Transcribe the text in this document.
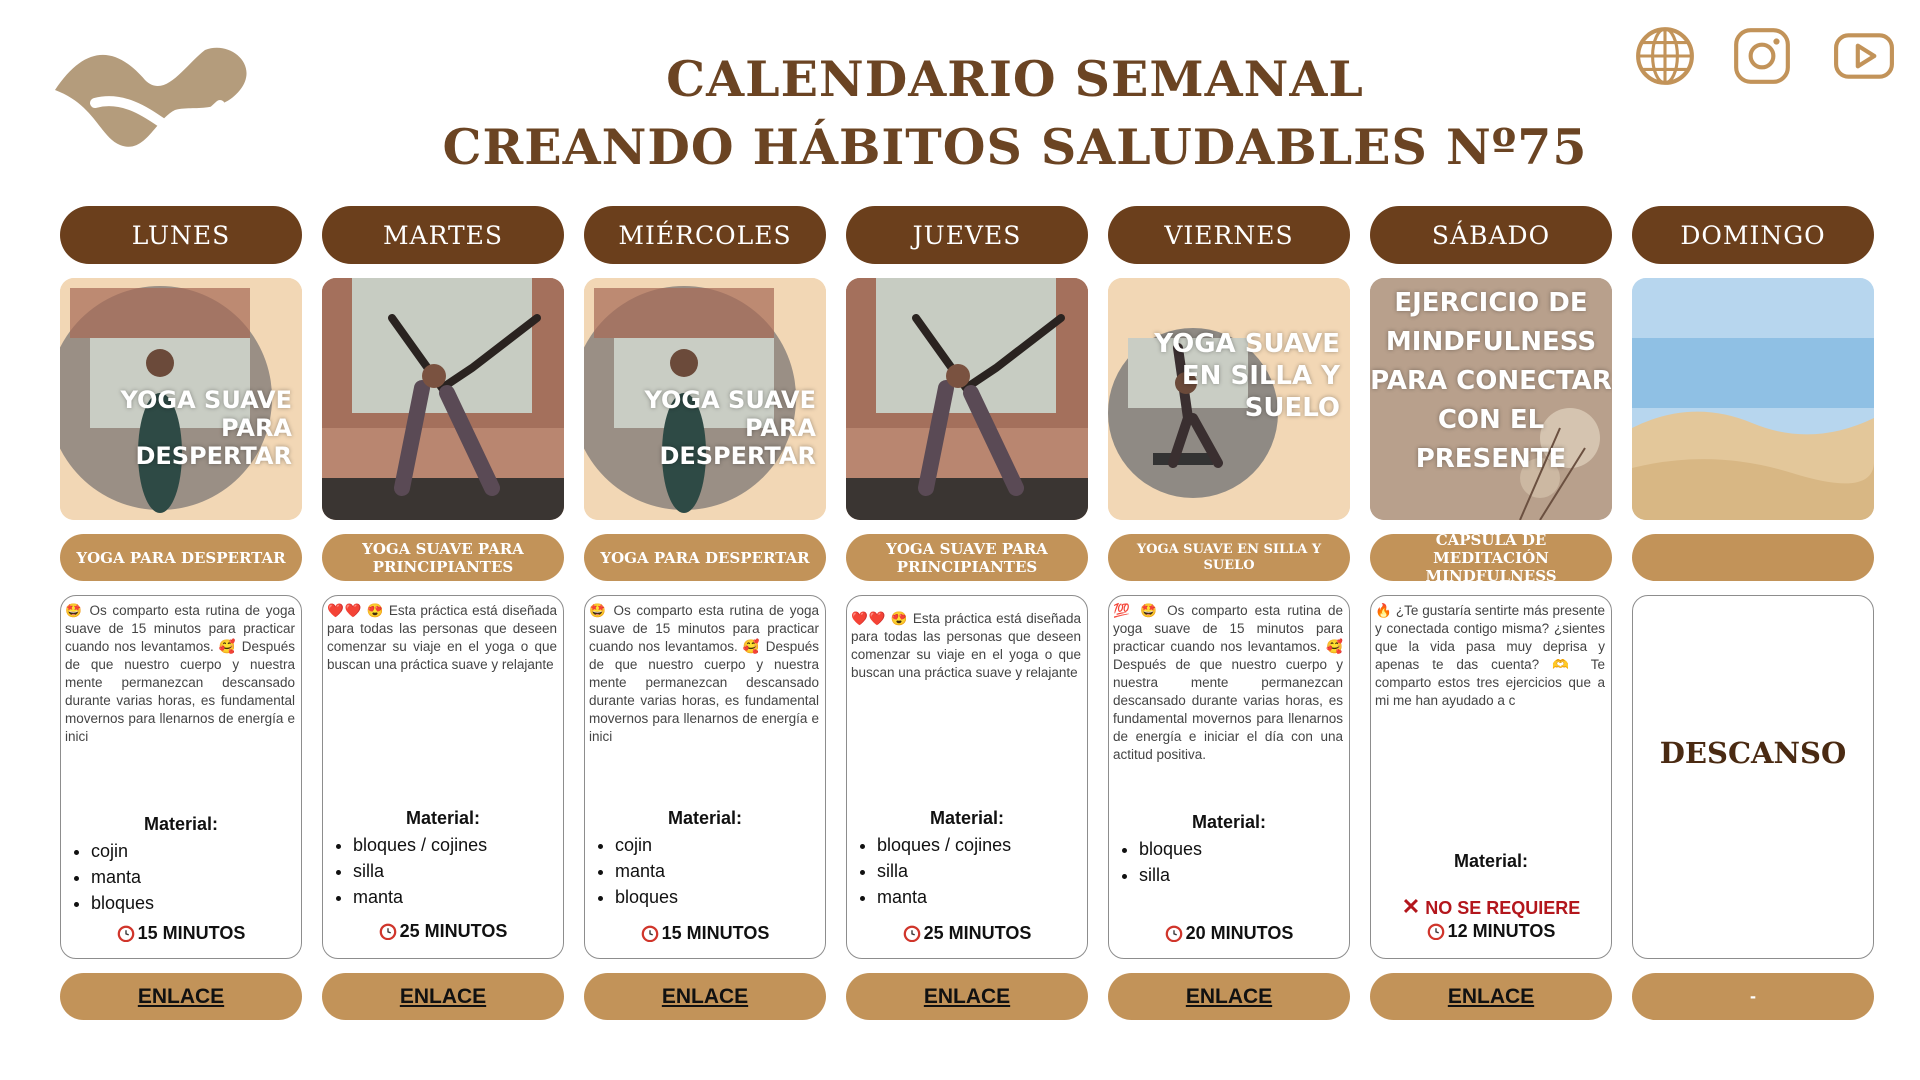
CALENDARIO SEMANAL
CREANDO HÁBITOS SALUDABLES Nº75
LUNES
YOGA SUAVE PARA DESPERTAR
YOGA PARA DESPERTAR
🤩 Os comparto esta rutina de yoga suave de 15 minutos para practicar cuando nos levantamos. 🥰 Después de que nuestro cuerpo y nuestra mente permanezcan descansado durante varias horas, es fundamental movernos para llenarnos de energía e inici
Material:
• cojin
• manta
• bloques
15 MINUTOS
ENLACE
MARTES
YOGA SUAVE PARA PRINCIPIANTES
❤️❤️ 😍 Esta práctica está diseñada para todas las personas que deseen comenzar su viaje en el yoga o que buscan una práctica suave y relajante
Material:
• bloques / cojines
• silla
• manta
25 MINUTOS
ENLACE
MIÉRCOLES
YOGA SUAVE PARA DESPERTAR
YOGA PARA DESPERTAR
🤩 Os comparto esta rutina de yoga suave de 15 minutos para practicar cuando nos levantamos. 🥰 Después de que nuestro cuerpo y nuestra mente permanezcan descansado durante varias horas, es fundamental movernos para llenarnos de energía e inici
Material:
• cojin
• manta
• bloques
15 MINUTOS
ENLACE
JUEVES
YOGA SUAVE PARA PRINCIPIANTES
❤️❤️ 😍 Esta práctica está diseñada para todas las personas que deseen comenzar su viaje en el yoga o que buscan una práctica suave y relajante
Material:
• bloques / cojines
• silla
• manta
25 MINUTOS
ENLACE
VIERNES
YOGA SUAVE EN SILLA Y SUELO
YOGA SUAVE EN SILLA Y SUELO
💯 🤩 Os comparto esta rutina de yoga suave de 15 minutos para practicar cuando nos levantamos. 🥰 Después de que nuestro cuerpo y nuestra mente permanezcan descansado durante varias horas, es fundamental movernos para llenarnos de energía e iniciar el día con una actitud positiva.
Material:
• bloques
• silla
20 MINUTOS
ENLACE
SÁBADO
EJERCICIO DE MINDFULNESS PARA CONECTAR CON EL PRESENTE
CAPSULA DE MEDITACIÓN MINDFULNESS
🔥 ¿Te gustaría sentirte más presente y conectada contigo misma? ¿sientes que la vida pasa muy deprisa y apenas te das cuenta? 🫶 Te comparto estos tres ejercicios que a mi me han ayudado a c
Material:
✕ NO SE REQUIERE
12 MINUTOS
ENLACE
DOMINGO
DESCANSO
-
